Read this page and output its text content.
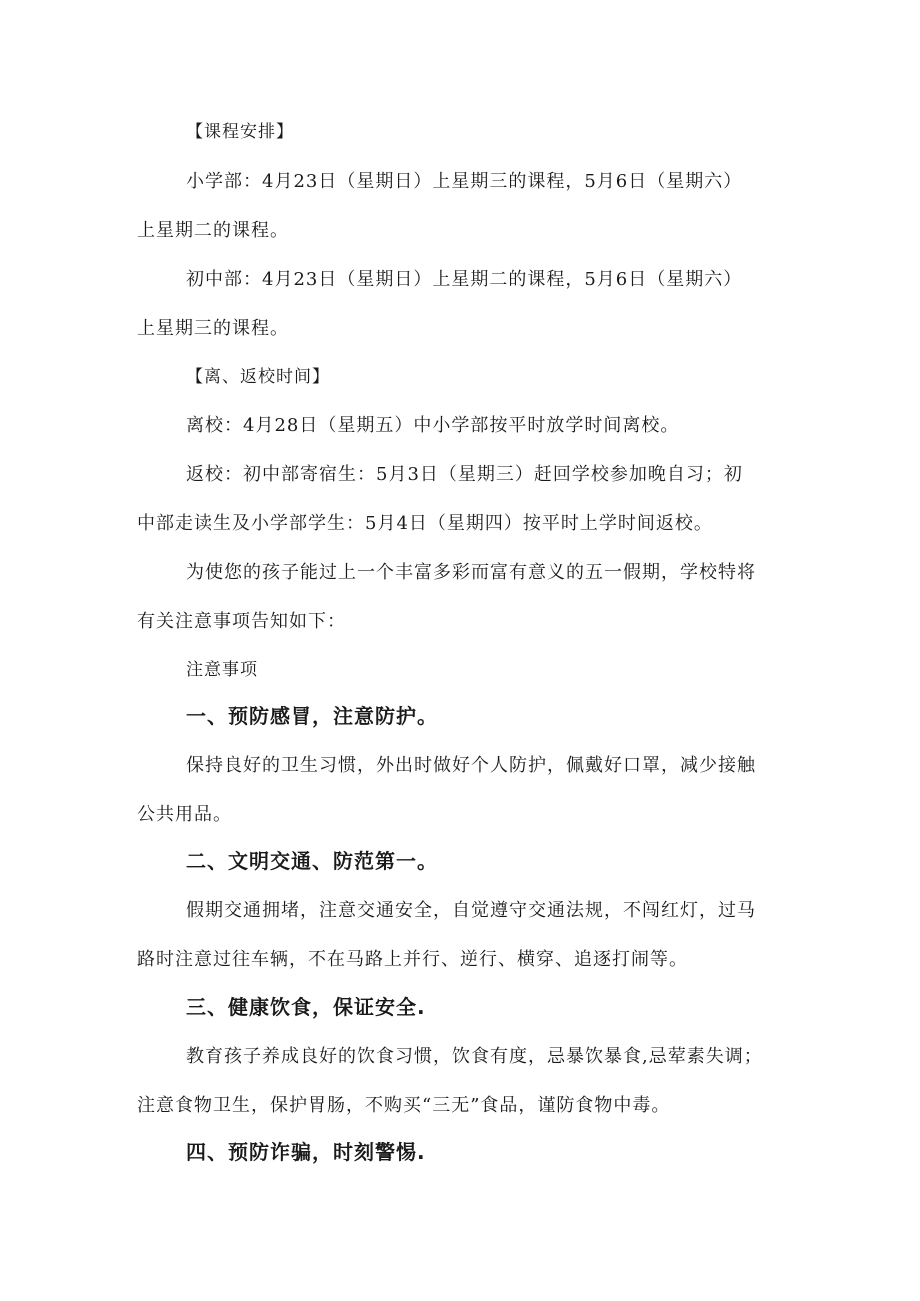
【课程安排】
小学部：4月23日（星期日）上星期三的课程，5月6日（星期六）
上星期二的课程。
初中部：4月23日（星期日）上星期二的课程，5月6日（星期六）
上星期三的课程。
【离、返校时间】
离校：4月28日（星期五）中小学部按平时放学时间离校。
返校：初中部寄宿生：5月3日（星期三）赶回学校参加晚自习；初
中部走读生及小学部学生：5月4日（星期四）按平时上学时间返校。
为使您的孩子能过上一个丰富多彩而富有意义的五一假期，学校特将
有关注意事项告知如下：
注意事项
一、预防感冒，注意防护。
保持良好的卫生习惯，外出时做好个人防护，佩戴好口罩，减少接触
公共用品。
二、文明交通、防范第一。
假期交通拥堵，注意交通安全，自觉遵守交通法规，不闯红灯，过马
路时注意过往车辆，不在马路上并行、逆行、横穿、追逐打闹等。
三、健康饮食，保证安全.
教育孩子养成良好的饮食习惯，饮食有度，忌暴饮暴食,忌荤素失调；
注意食物卫生，保护胃肠，不购买“三无”食品，谨防食物中毒。
四、预防诈骗，时刻警惕.
